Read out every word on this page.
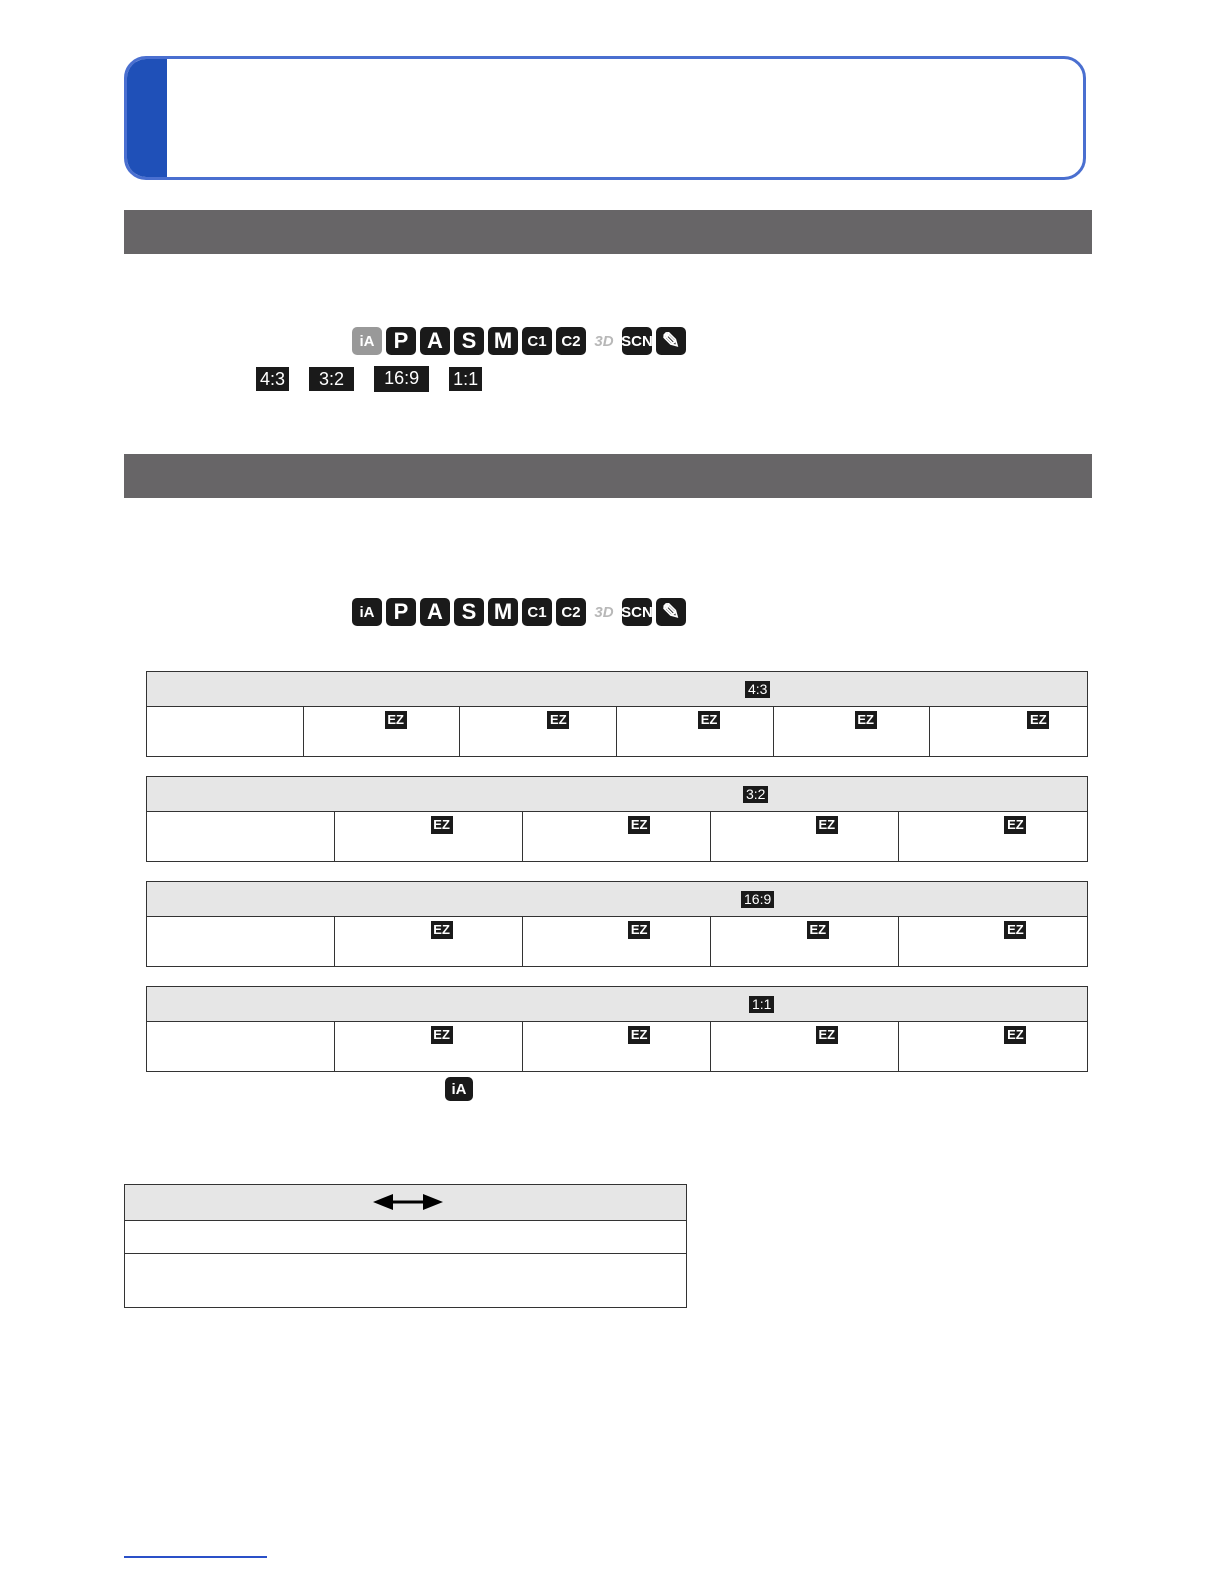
iA P A S M	C1 C2 3D SCN ✎
4:3	3:2	16:9	1:1
iA P A S M	C1 C2 3D SCN ✎
4:3
EZ	EZ	EZ	EZ	EZ
3:2
EZ	EZ	EZ	EZ
16:9
EZ	EZ	EZ	EZ
1:1
EZ	EZ	EZ	EZ
iA
